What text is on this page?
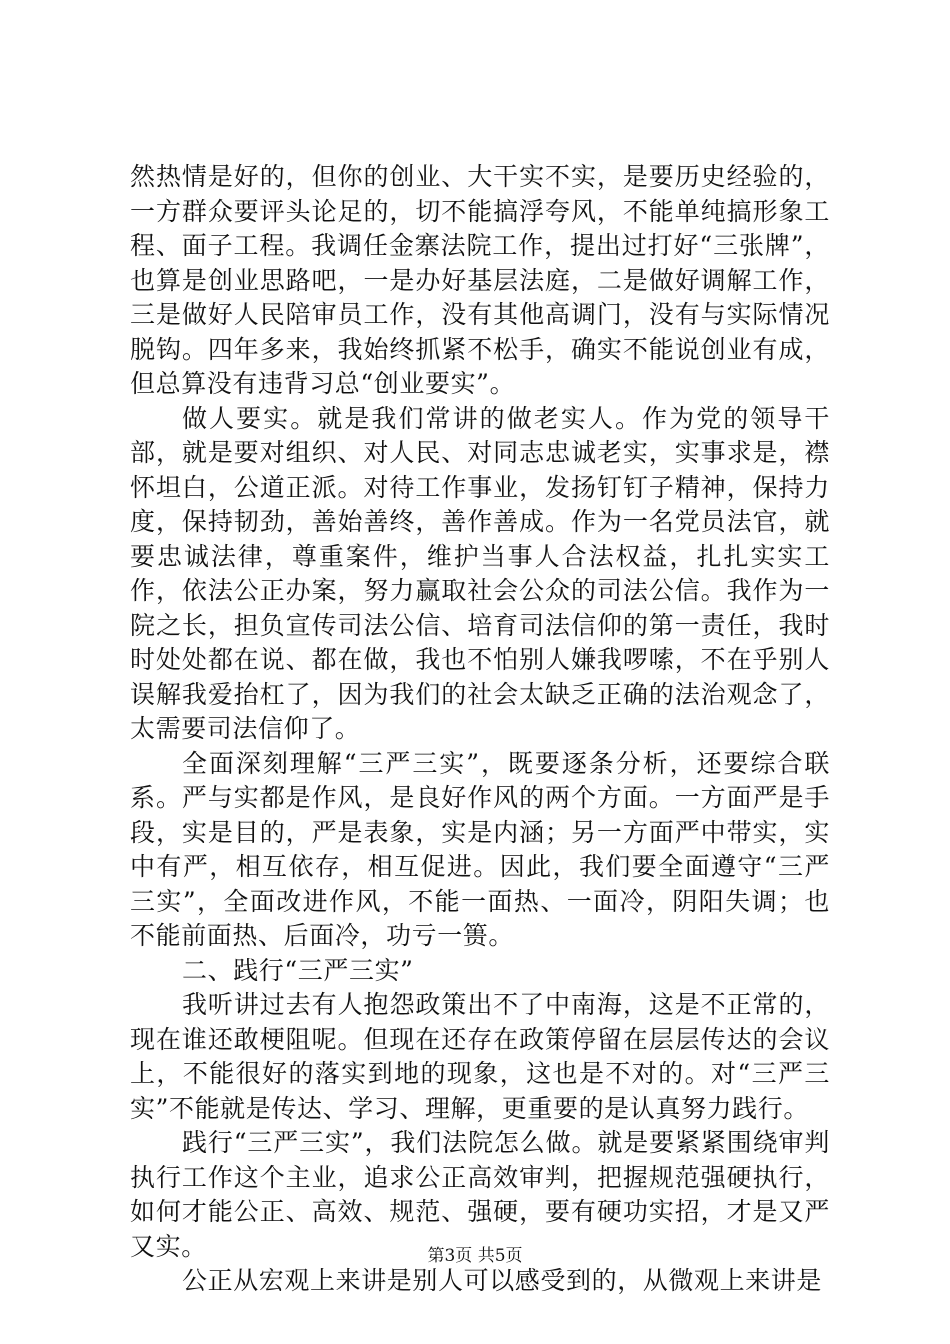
然热情是好的，但你的创业、大干实不实，是要历史经验的，一方群众要评头论足的，切不能搞浮夸风，不能单纯搞形象工程、面子工程。我调任金寨法院工作，提出过打好“三张牌”，也算是创业思路吧，一是办好基层法庭，二是做好调解工作，三是做好人民陪审员工作，没有其他高调门，没有与实际情况脱钩。四年多来，我始终抓紧不松手，确实不能说创业有成，但总算没有违背习总“创业要实”。

做人要实。就是我们常讲的做老实人。作为党的领导干部，就是要对组织、对人民、对同志忠诚老实，实事求是，襟怀坦白，公道正派。对待工作事业，发扬钉钉子精神，保持力度，保持韧劲，善始善终，善作善成。作为一名党员法官，就要忠诚法律，尊重案件，维护当事人合法权益，扎扎实实工作，依法公正办案，努力赢取社会公众的司法公信。我作为一院之长，担负宣传司法公信、培育司法信仰的第一责任，我时时处处都在说、都在做，我也不怕别人嫌我啰嗦，不在乎别人误解我爱抬杠了，因为我们的社会太缺乏正确的法治观念了，太需要司法信仰了。

全面深刻理解“三严三实”，既要逐条分析，还要综合联系。严与实都是作风，是良好作风的两个方面。一方面严是手段，实是目的，严是表象，实是内涵；另一方面严中带实，实中有严，相互依存，相互促进。因此，我们要全面遵守“三严三实”，全面改进作风，不能一面热、一面冷，阴阳失调；也不能前面热、后面冷，功亏一篑。

二、践行“三严三实”

我听讲过去有人抱怨政策出不了中南海，这是不正常的，现在谁还敢梗阻呢。但现在还存在政策停留在层层传达的会议上，不能很好的落实到地的现象，这也是不对的。对“三严三实”不能就是传达、学习、理解，更重要的是认真努力践行。

践行“三严三实”，我们法院怎么做。就是要紧紧围绕审判执行工作这个主业，追求公正高效审判，把握规范强硬执行，如何才能公正、高效、规范、强硬，要有硬功实招，才是又严又实。

公正从宏观上来讲是别人可以感受到的，从微观上来讲是

第3页 共5页
